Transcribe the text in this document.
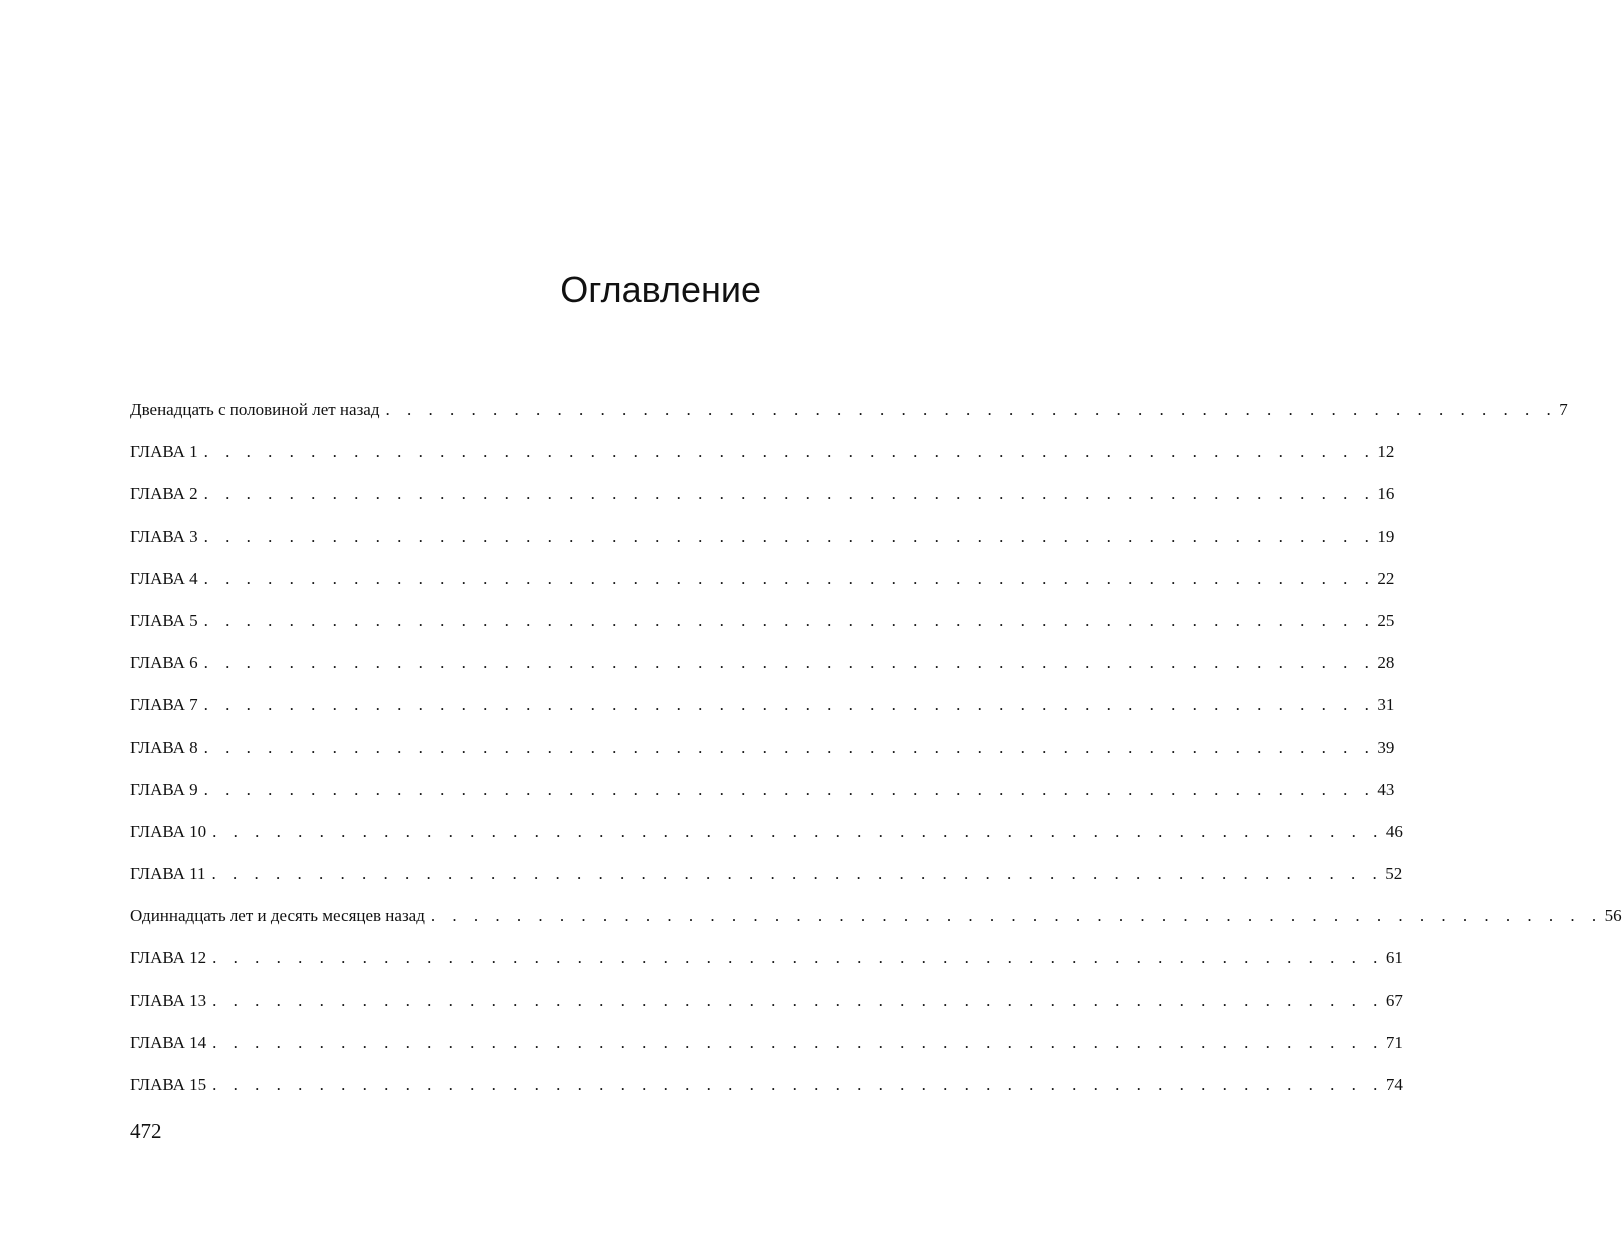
Оглавление
Двенадцать с половиной лет назад . . . . . . . . . . . . . . . . . . . . . . . . . . . . . . . . . . . . . . . . . . . . . . . . . . . . . . . 7
ГЛАВА 1 . . . . . . . . . . . . . . . . . . . . . . . . . . . . . . . . . . . . . . . . . . . . . . . . . . . . . . . 12
ГЛАВА 2 . . . . . . . . . . . . . . . . . . . . . . . . . . . . . . . . . . . . . . . . . . . . . . . . . . . . . . . 16
ГЛАВА 3 . . . . . . . . . . . . . . . . . . . . . . . . . . . . . . . . . . . . . . . . . . . . . . . . . . . . . . . 19
ГЛАВА 4 . . . . . . . . . . . . . . . . . . . . . . . . . . . . . . . . . . . . . . . . . . . . . . . . . . . . . . . 22
ГЛАВА 5 . . . . . . . . . . . . . . . . . . . . . . . . . . . . . . . . . . . . . . . . . . . . . . . . . . . . . . . 25
ГЛАВА 6 . . . . . . . . . . . . . . . . . . . . . . . . . . . . . . . . . . . . . . . . . . . . . . . . . . . . . . . 28
ГЛАВА 7 . . . . . . . . . . . . . . . . . . . . . . . . . . . . . . . . . . . . . . . . . . . . . . . . . . . . . . . 31
ГЛАВА 8 . . . . . . . . . . . . . . . . . . . . . . . . . . . . . . . . . . . . . . . . . . . . . . . . . . . . . . . 39
ГЛАВА 9 . . . . . . . . . . . . . . . . . . . . . . . . . . . . . . . . . . . . . . . . . . . . . . . . . . . . . . . 43
ГЛАВА 10 . . . . . . . . . . . . . . . . . . . . . . . . . . . . . . . . . . . . . . . . . . . . . . . . . . . . . . . 46
ГЛАВА 11 . . . . . . . . . . . . . . . . . . . . . . . . . . . . . . . . . . . . . . . . . . . . . . . . . . . . . . . 52
Одиннадцать лет и десять месяцев назад . . . . . . . . . . . . . . . . . . . . . . . . . . . . . . . . . . . . . . . . . . . . . . . . . . . . . . . 56
ГЛАВА 12 . . . . . . . . . . . . . . . . . . . . . . . . . . . . . . . . . . . . . . . . . . . . . . . . . . . . . . . 61
ГЛАВА 13 . . . . . . . . . . . . . . . . . . . . . . . . . . . . . . . . . . . . . . . . . . . . . . . . . . . . . . . 67
ГЛАВА 14 . . . . . . . . . . . . . . . . . . . . . . . . . . . . . . . . . . . . . . . . . . . . . . . . . . . . . . . 71
ГЛАВА 15 . . . . . . . . . . . . . . . . . . . . . . . . . . . . . . . . . . . . . . . . . . . . . . . . . . . . . . . 74
472
